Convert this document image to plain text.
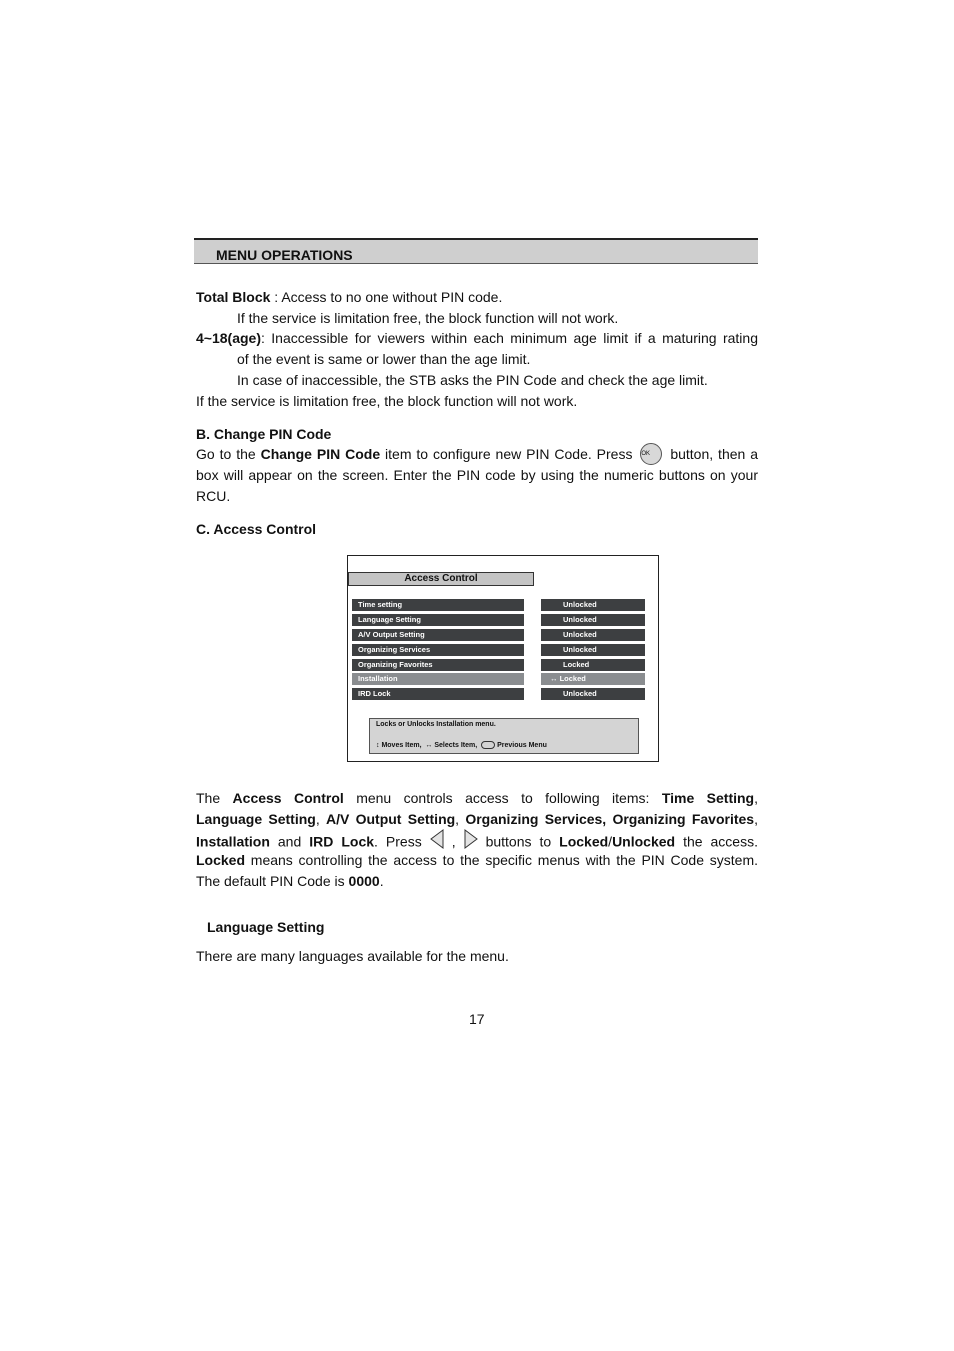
MENU OPERATIONS
Total Block : Access to no one without PIN code.
If the service is limitation free, the block function will not work.
4~18(age): Inaccessible for viewers within each minimum age limit if a maturing rating
of the event is same or lower than the age limit.
In case of inaccessible, the STB asks the PIN Code and check the age limit.
If the service is limitation free, the block function will not work.
B. Change PIN Code
Go to the Change PIN Code item to configure new PIN Code. Press OK button, then a
box will appear on the screen. Enter the PIN code by using the numeric buttons on your
RCU.
C. Access Control
Access Control
Time setting	Unlocked
Language Setting	Unlocked
A/V Output Setting	Unlocked
Organizing Services	Unlocked
Organizing Favorites	Locked
Installation	↔ Locked
IRD Lock	Unlocked
Locks or Unlocks Installation menu.
↕ Moves Item, ↔ Selects Item,	Previous Menu
The Access Control menu controls access to following items: Time Setting,
Language Setting, A/V Output Setting, Organizing Services, Organizing Favorites,
Installation and IRD Lock. Press  ,  buttons to Locked/Unlocked the access.
Locked means controlling the access to the specific menus with the PIN Code system.
The default PIN Code is 0000.
Language Setting
There are many languages available for the menu.
17
